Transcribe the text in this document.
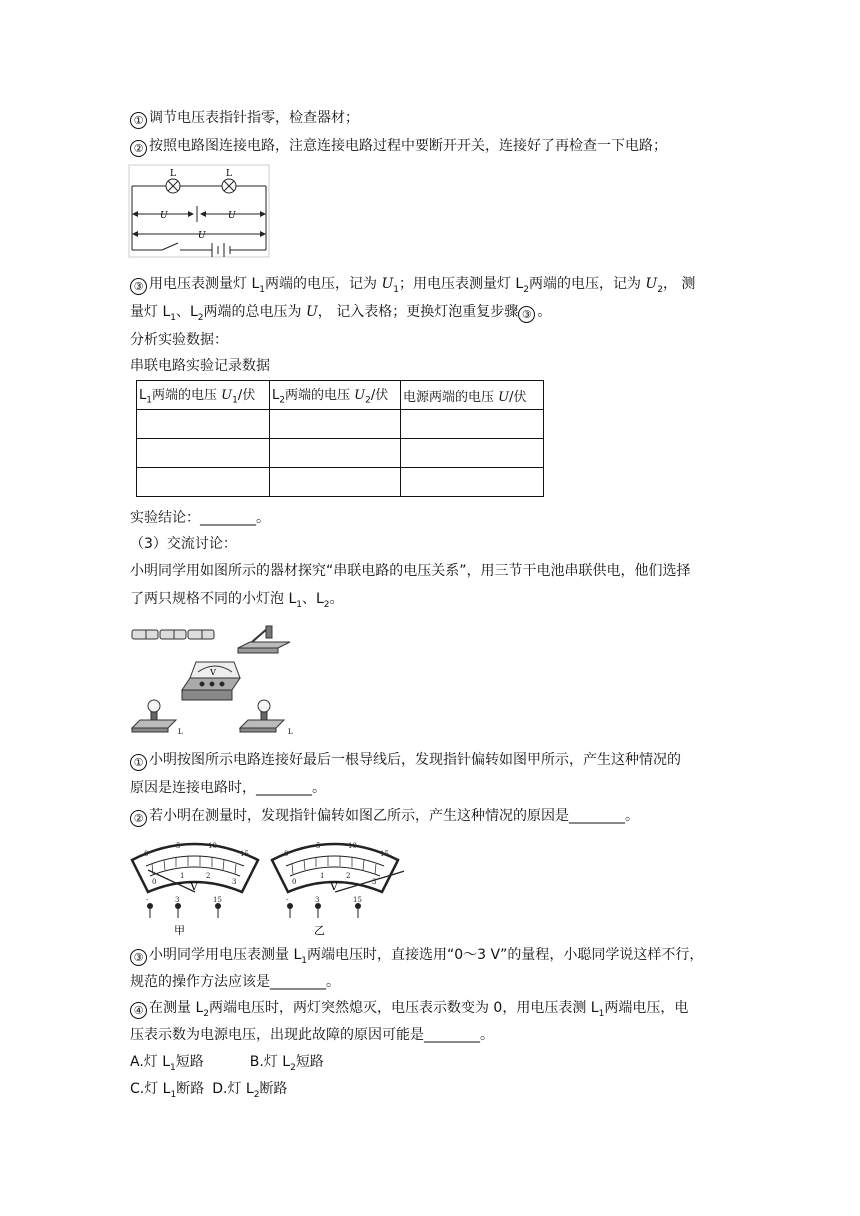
① 调节电压表指针指零，检查器材；
② 按照电路图连接电路，注意连接电路过程中要断开开关，连接好了再检查一下电路；
L	L
U	U
U
③ 用电压表测量灯 $L_1$两端的电压，记为 $U_1$；用电压表测量灯 $L_2$两端的电压，记为 $U_2$， 测
量灯 $L_1$、$L_2$两端的总电压为 U， 记入表格；更换灯泡重复步骤 ③ 。
分析实验数据：
串联电路实验记录数据
$L_1$两端的电压 $U_1/$伏	$L_2$两端的电压 $U_2/$伏	电源两端的电压 U/伏

实验结论：________。
（3）交流讨论：
小明同学用如图所示的器材探究“串联电路的电压关系”，用三节干电池串联供电，他们选择
了两只规格不同的小灯泡 $L_1$、$L_2$。
V
L	L
① 小明按图所示电路连接好最后一根导线后，发现指针偏转如图甲所示，产生这种情况的
原因是连接电路时，________。
② 若小明在测量时，发现指针偏转如图乙所示，产生这种情况的原因是________。
0
5	10
15
0
1	2
3
0
5	10
15
0
1	2
3
-	3	15	-	3	15
V	V
甲	乙
③ 小明同学用电压表测量 $L_1$两端电压时，直接选用“0～3 V”的量程，小聪同学说这样不行，
规范的操作方法应该是________。
④ 在测量 $L_2$两端电压时，两灯突然熄灭，电压表示数变为 0，用电压表测 $L_1$两端电压，电
压表示数为电源电压，出现此故障的原因可能是________。
A.灯 $L_1$短路	B.灯 $L_2$短路
C.灯 $L_1$断路 D.灯 $L_2$断路
